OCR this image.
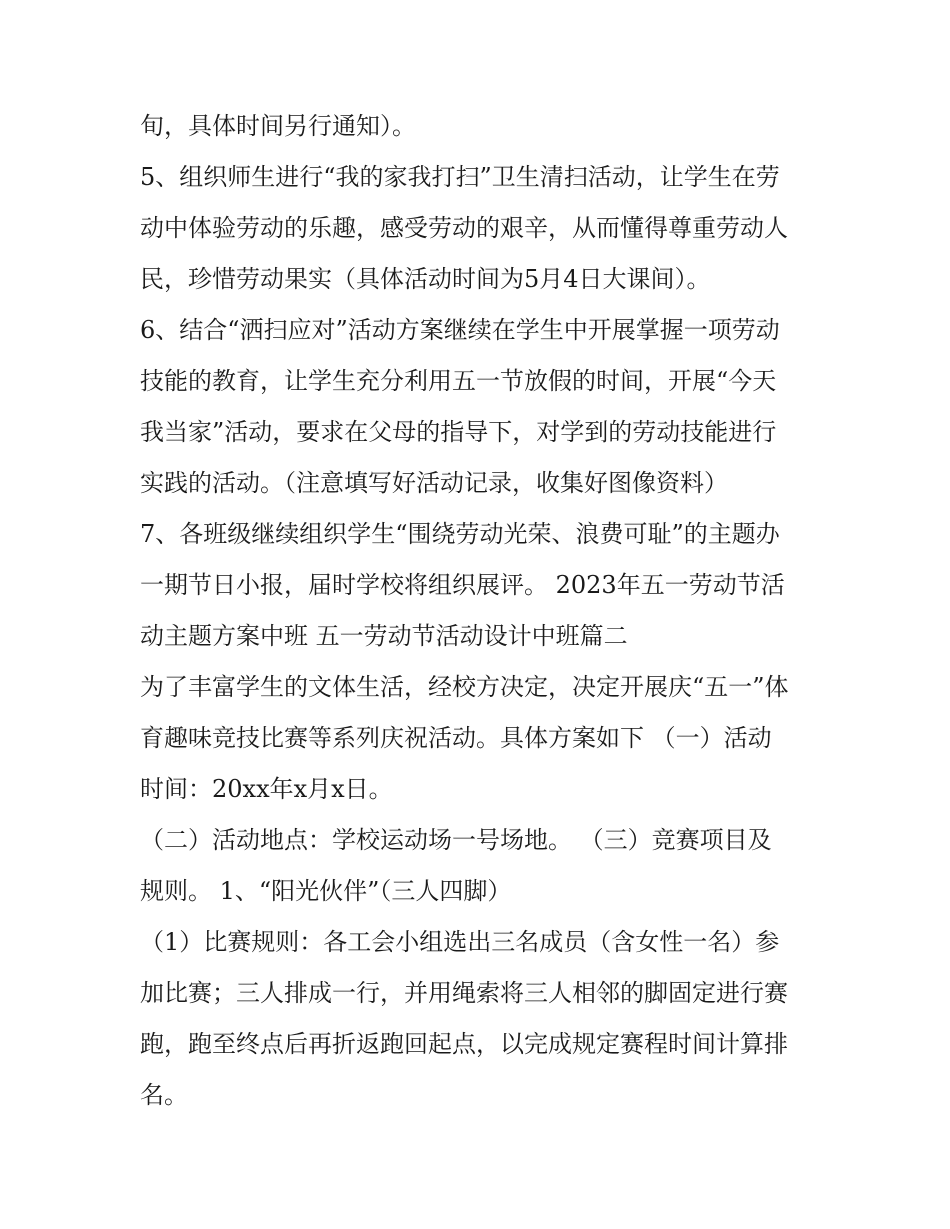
旬，具体时间另行通知）。
5、组织师生进行“我的家我打扫”卫生清扫活动，让学生在劳
动中体验劳动的乐趣，感受劳动的艰辛，从而懂得尊重劳动人
民，珍惜劳动果实（具体活动时间为5月4日大课间）。
6、结合“洒扫应对”活动方案继续在学生中开展掌握一项劳动
技能的教育，让学生充分利用五一节放假的时间，开展“今天
我当家”活动，要求在父母的指导下，对学到的劳动技能进行
实践的活动。（注意填写好活动记录，收集好图像资料）
7、各班级继续组织学生“围绕劳动光荣、浪费可耻”的主题办
一期节日小报，届时学校将组织展评。 2023年五一劳动节活
动主题方案中班 五一劳动节活动设计中班篇二
为了丰富学生的文体生活，经校方决定，决定开展庆“五一”体
育趣味竞技比赛等系列庆祝活动。具体方案如下 （一）活动
时间：20xx年x月x日。
（二）活动地点：学校运动场一号场地。 （三）竞赛项目及
规则。 1、“阳光伙伴”（三人四脚）
（1）比赛规则：各工会小组选出三名成员（含女性一名）参
加比赛；三人排成一行，并用绳索将三人相邻的脚固定进行赛
跑，跑至终点后再折返跑回起点，以完成规定赛程时间计算排
名。
